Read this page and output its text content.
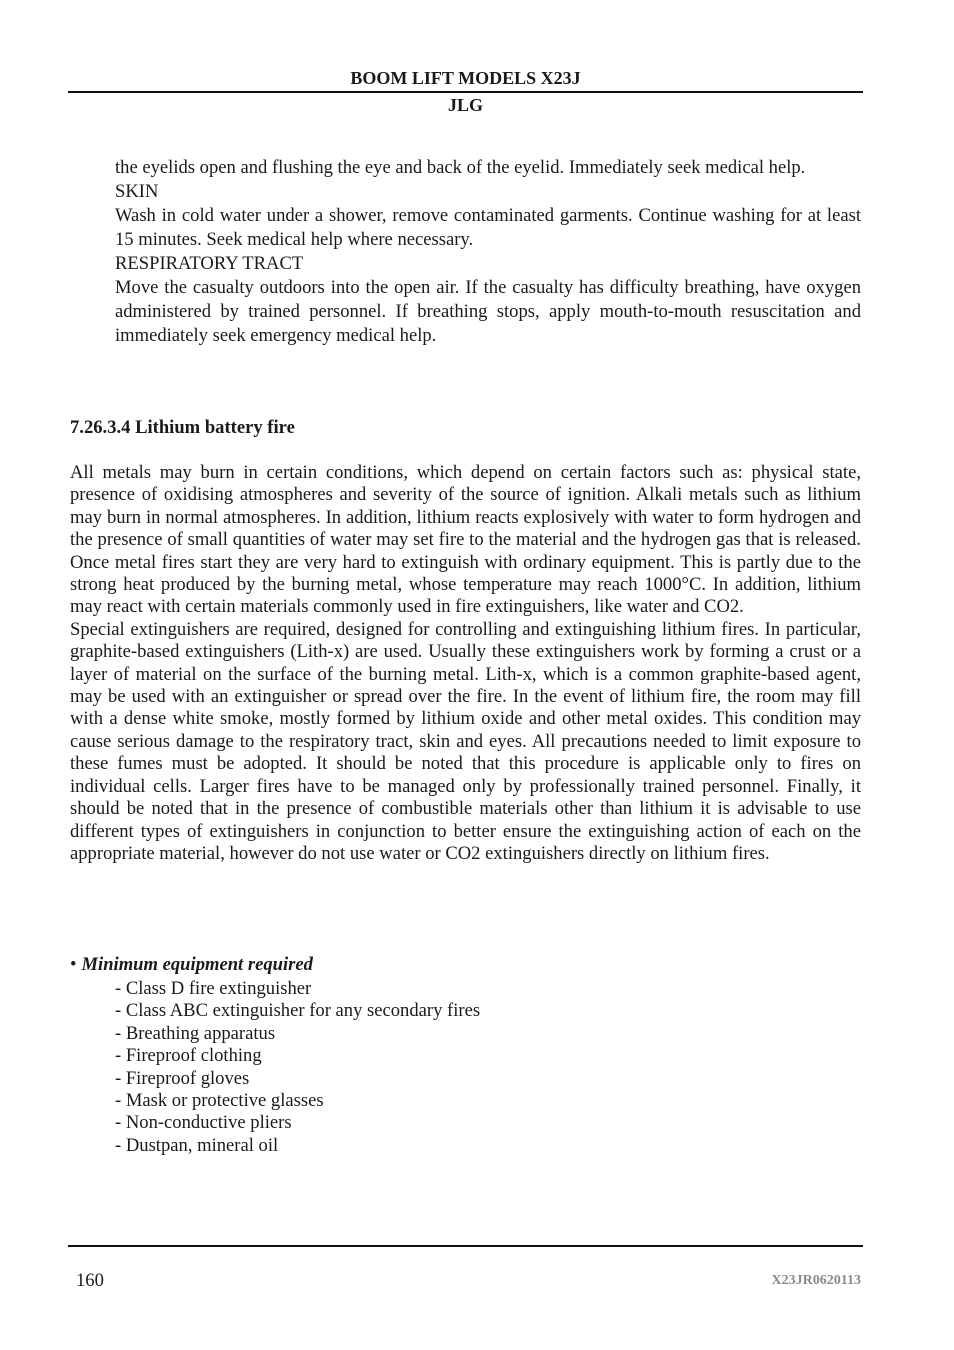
BOOM LIFT MODELS X23J
JLG

the eyelids open and flushing the eye and back of the eyelid. Immediately seek medical help.

SKIN

Wash in cold water under a shower, remove contaminated garments. Continue washing for at least 15 minutes. Seek medical help where necessary.

RESPIRATORY TRACT

Move the casualty outdoors into the open air. If the casualty has difficulty breathing, have oxygen administered by trained personnel. If breathing stops, apply mouth-to-mouth resuscitation and immediately seek emergency medical help.

7.26.3.4 Lithium battery fire

All metals may burn in certain conditions, which depend on certain factors such as: physical state, presence of oxidising atmospheres and severity of the source of ignition. Alkali metals such as lithium may burn in normal atmospheres. In addition, lithium reacts explosively with water to form hydrogen and the presence of small quantities of water may set fire to the material and the hydrogen gas that is released. Once metal fires start they are very hard to extinguish with ordinary equipment. This is partly due to the strong heat produced by the burning metal, whose temperature may reach 1000°C. In addition, lithium may react with certain materials commonly used in fire extinguishers, like water and CO2.

Special extinguishers are required, designed for controlling and extinguishing lithium fires. In particular, graphite-based extinguishers (Lith-x) are used. Usually these extinguishers work by forming a crust or a layer of material on the surface of the burning metal. Lith-x, which is a common graphite-based agent, may be used with an extinguisher or spread over the fire. In the event of lithium fire, the room may fill with a dense white smoke, mostly formed by lithium oxide and other metal oxides. This condition may cause serious damage to the respiratory tract, skin and eyes. All precautions needed to limit exposure to these fumes must be adopted. It should be noted that this procedure is applicable only to fires on individual cells. Larger fires have to be managed only by professionally trained personnel. Finally, it should be noted that in the presence of combustible materials other than lithium it is advisable to use different types of extinguishers in conjunction to better ensure the extinguishing action of each on the appropriate material, however do not use water or CO2 extinguishers directly on lithium fires.

• Minimum equipment required
- Class D fire extinguisher
- Class ABC extinguisher for any secondary fires
- Breathing apparatus
- Fireproof clothing
- Fireproof gloves
- Mask or protective glasses
- Non-conductive pliers
- Dustpan, mineral oil
160	X23JR0620113
